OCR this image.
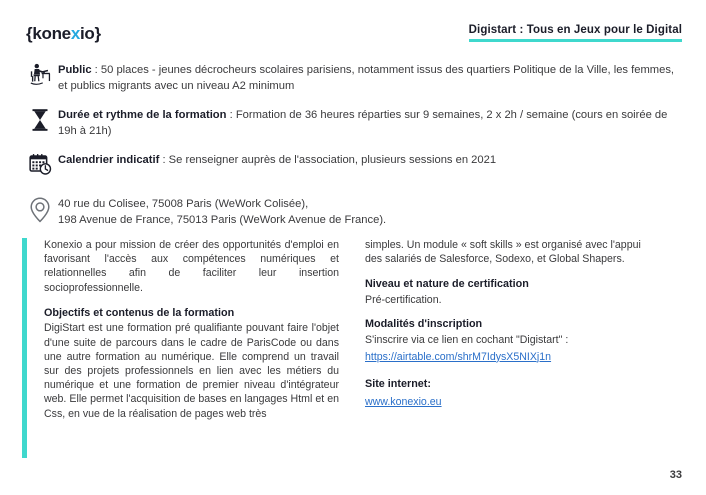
{konexio}	Digistart : Tous en Jeux pour le Digital
Public : 50 places - jeunes décrocheurs scolaires parisiens, notamment issus des quartiers Politique de la Ville, les femmes, et publics migrants avec un niveau A2 minimum
Durée et rythme de la formation : Formation de 36 heures réparties sur 9 semaines, 2 x 2h / semaine (cours en soirée de 19h à 21h)
Calendrier indicatif : Se renseigner auprès de l'association, plusieurs sessions en 2021
40 rue du Colisee, 75008 Paris (WeWork Colisée),
198 Avenue de France, 75013 Paris (WeWork Avenue de France).

Konexio a pour mission de créer des opportunités d'emploi en favorisant l'accès aux compétences numériques et relationnelles afin de faciliter leur insertion socioprofessionnelle.

Objectifs et contenus de la formation

DigiStart est une formation pré qualifiante pouvant faire l'objet d'une suite de parcours dans le cadre de ParisCode ou dans une autre formation au numérique. Elle comprend un travail sur des projets professionnels en lien avec les métiers du numérique et une formation de premier niveau d'intégrateur web. Elle permet l'acquisition de bases en langages Html et en Css, en vue de la réalisation de pages web très

simples. Un module « soft skills » est organisé avec l'appui des salariés de Salesforce, Sodexo, et Global Shapers.

Niveau et nature de certification

Pré-certification.

Modalités d'inscription

S'inscrire via ce lien en cochant "Digistart" :

https://airtable.com/shrM7IdysX5NIXj1n
Site internet:
www.konexio.eu
33
